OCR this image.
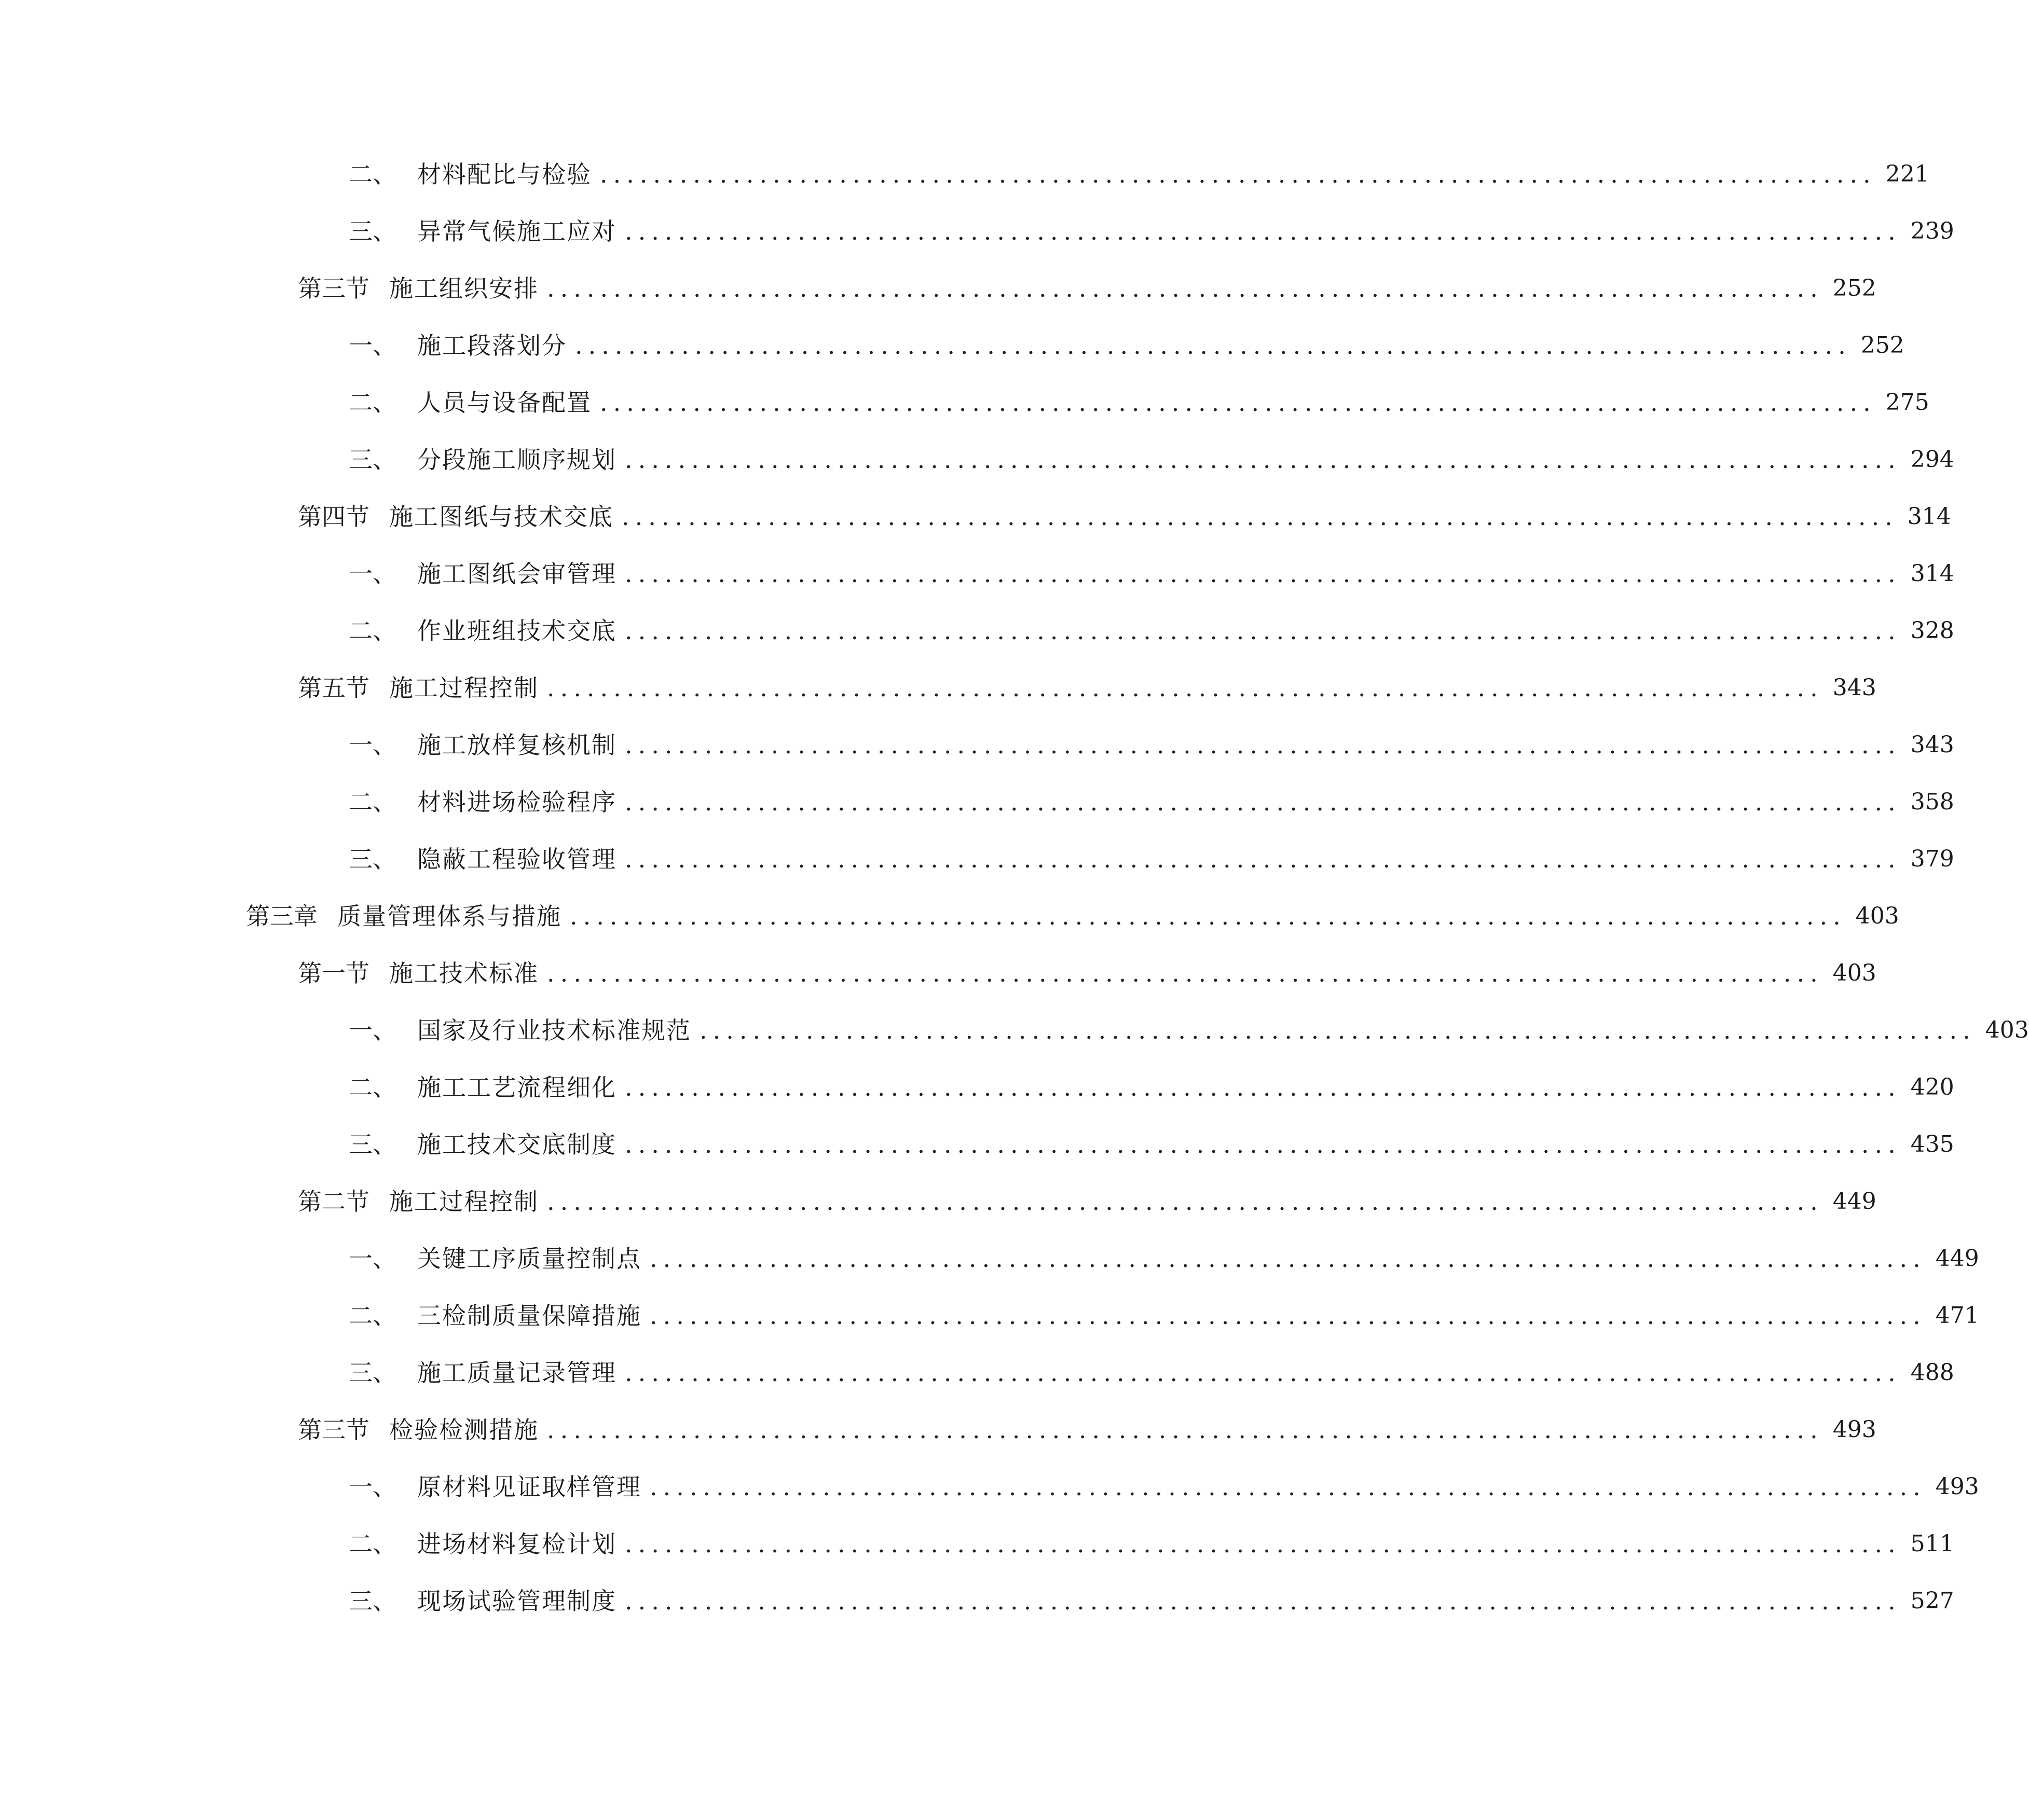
二、 材料配比与检验 ................................................................................................ 221
三、 异常气候施工应对 ................................................................................................ 239
第三节 施工组织安排 ................................................................................................ 252
一、 施工段落划分 ................................................................................................ 252
二、 人员与设备配置 ................................................................................................ 275
三、 分段施工顺序规划 ................................................................................................ 294
第四节 施工图纸与技术交底 ................................................................................................ 314
一、 施工图纸会审管理 ................................................................................................ 314
二、 作业班组技术交底 ................................................................................................ 328
第五节 施工过程控制 ................................................................................................ 343
一、 施工放样复核机制 ................................................................................................ 343
二、 材料进场检验程序 ................................................................................................ 358
三、 隐蔽工程验收管理 ................................................................................................ 379
第三章 质量管理体系与措施 ................................................................................................ 403
第一节 施工技术标准 ................................................................................................ 403
一、 国家及行业技术标准规范 ................................................................................................ 403
二、 施工工艺流程细化 ................................................................................................ 420
三、 施工技术交底制度 ................................................................................................ 435
第二节 施工过程控制 ................................................................................................ 449
一、 关键工序质量控制点 ................................................................................................ 449
二、 三检制质量保障措施 ................................................................................................ 471
三、 施工质量记录管理 ................................................................................................ 488
第三节 检验检测措施 ................................................................................................ 493
一、 原材料见证取样管理 ................................................................................................ 493
二、 进场材料复检计划 ................................................................................................ 511
三、 现场试验管理制度 ................................................................................................ 527
